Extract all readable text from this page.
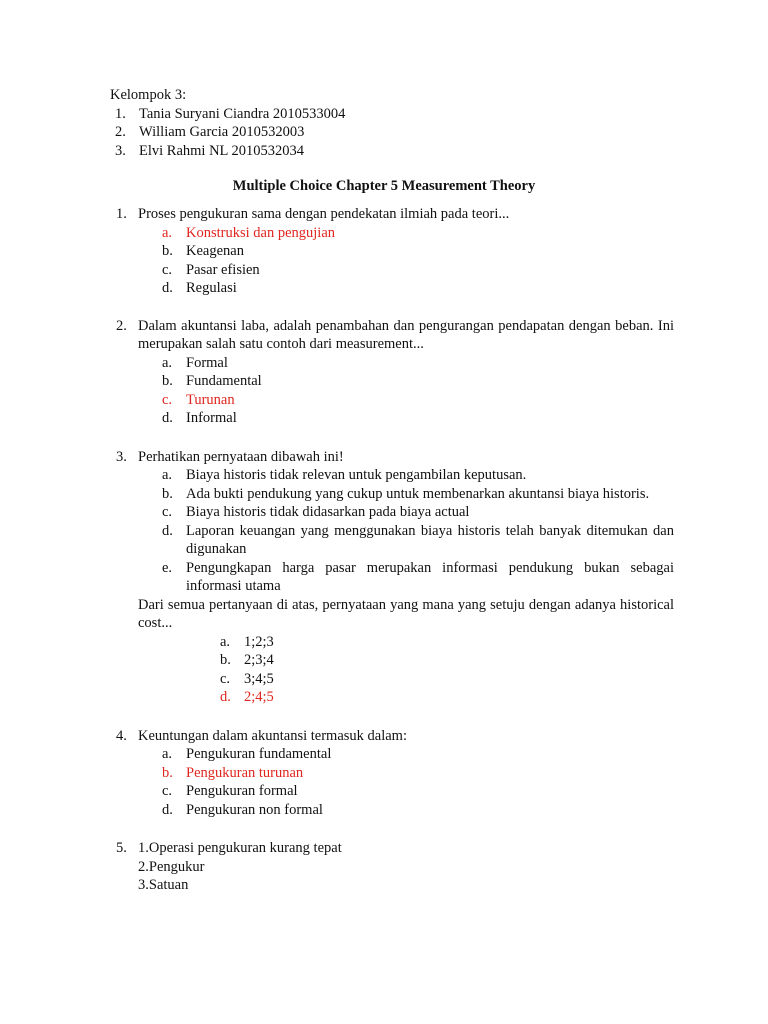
Kelompok 3:
1. Tania Suryani Ciandra 2010533004
2. William Garcia 2010532003
3. Elvi Rahmi NL 2010532034
Multiple Choice Chapter 5 Measurement Theory
1. Proses pengukuran sama dengan pendekatan ilmiah pada teori...
a. Konstruksi dan pengujian
b. Keagenan
c. Pasar efisien
d. Regulasi
2. Dalam akuntansi laba, adalah penambahan dan pengurangan pendapatan dengan beban. Ini merupakan salah satu contoh dari measurement...
a. Formal
b. Fundamental
c. Turunan
d. Informal
3. Perhatikan pernyataan dibawah ini!
a. Biaya historis tidak relevan untuk pengambilan keputusan.
b. Ada bukti pendukung yang cukup untuk membenarkan akuntansi biaya historis.
c. Biaya historis tidak didasarkan pada biaya actual
d. Laporan keuangan yang menggunakan biaya historis telah banyak ditemukan dan digunakan
e. Pengungkapan harga pasar merupakan informasi pendukung bukan sebagai informasi utama
Dari semua pertanyaan di atas, pernyataan yang mana yang setuju dengan adanya historical cost...
a. 1;2;3
b. 2;3;4
c. 3;4;5
d. 2;4;5
4. Keuntungan dalam akuntansi termasuk dalam:
a. Pengukuran fundamental
b. Pengukuran turunan
c. Pengukuran formal
d. Pengukuran non formal
5. 1.Operasi pengukuran kurang tepat
2.Pengukur
3.Satuan
